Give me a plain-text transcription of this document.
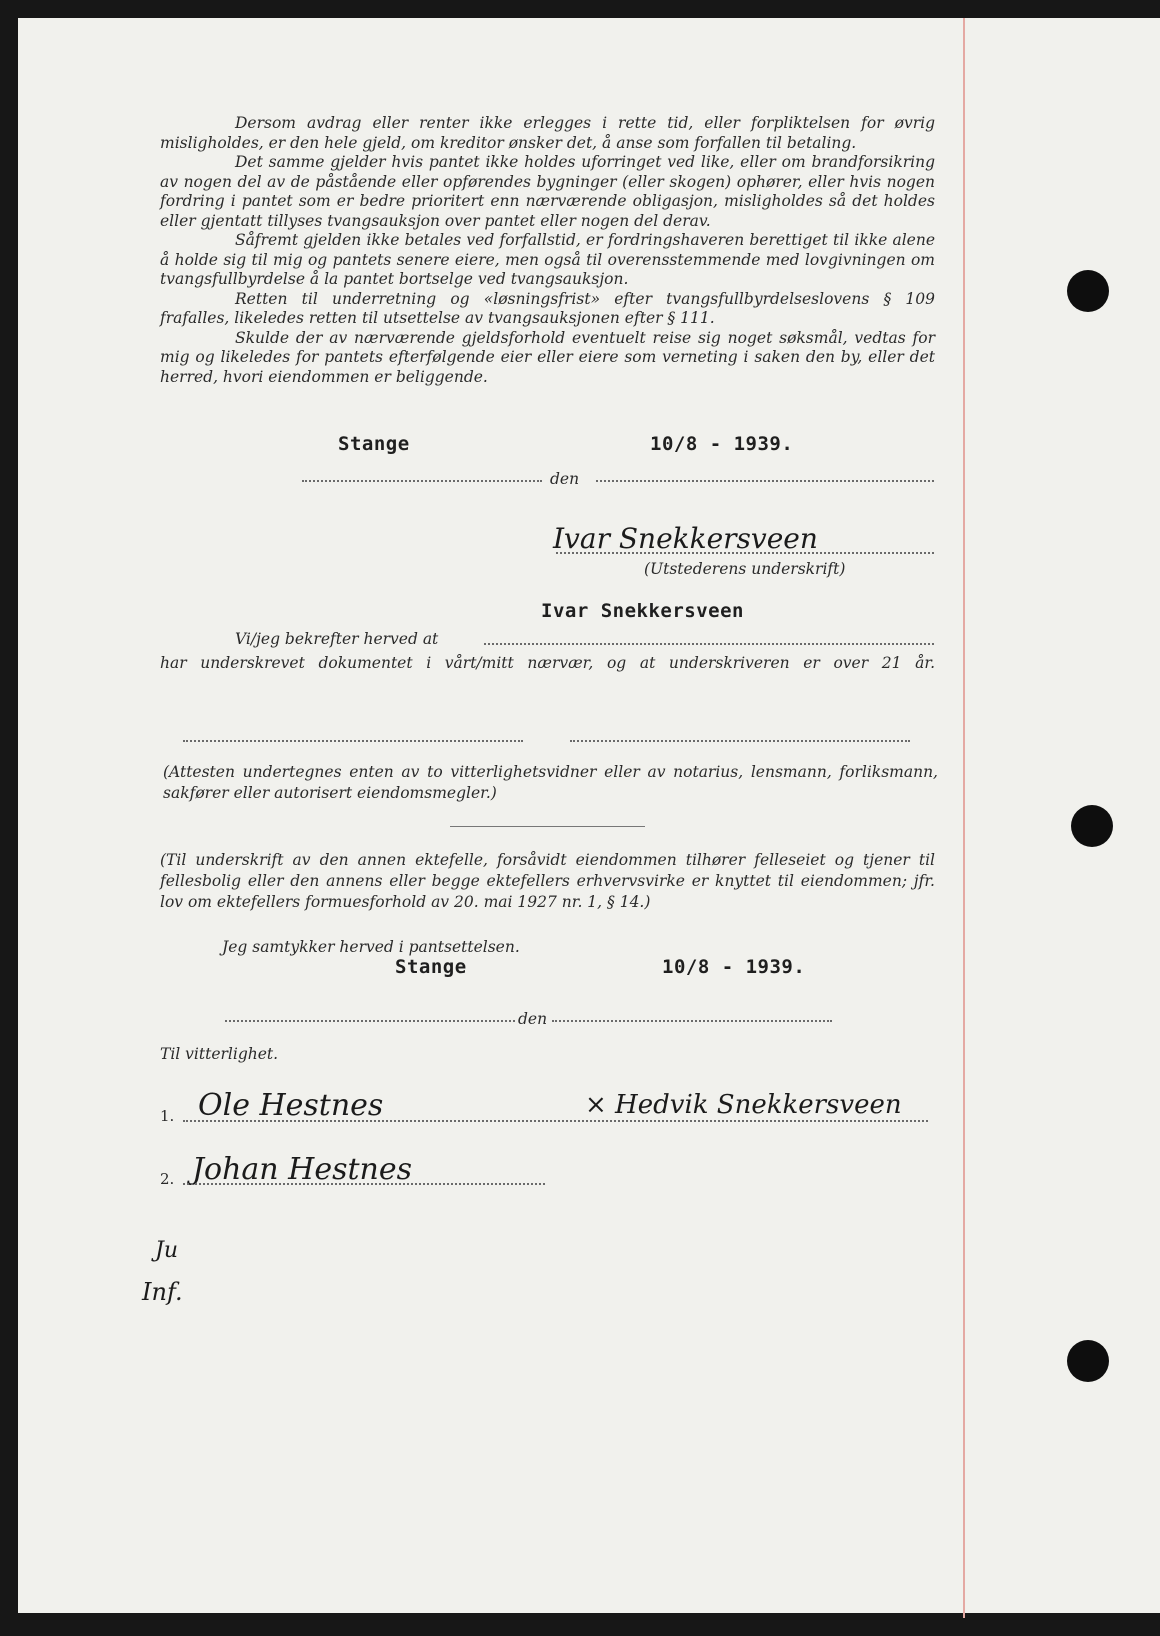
Dersom avdrag eller renter ikke erlegges i rette tid, eller forpliktelsen for øvrig misligholdes, er den hele gjeld, om kreditor ønsker det, å anse som forfallen til betaling.

Det samme gjelder hvis pantet ikke holdes uforringet ved like, eller om brandforsikring av nogen del av de påstående eller opførendes bygninger (eller skogen) ophører, eller hvis nogen fordring i pantet som er bedre prioritert enn nærværende obligasjon, misligholdes så det holdes eller gjentatt tillyses tvangsauksjon over pantet eller nogen del derav.

Såfremt gjelden ikke betales ved forfallstid, er fordringshaveren berettiget til ikke alene å holde sig til mig og pantets senere eiere, men også til overensstemmende med lovgivningen om tvangsfullbyrdelse å la pantet bortselge ved tvangsauksjon.

Retten til underretning og «løsningsfrist» efter tvangsfullbyrdelseslovens § 109 frafalles, likeledes retten til utsettelse av tvangsauksjonen efter § 111.

Skulde der av nærværende gjeldsforhold eventuelt reise sig noget søksmål, vedtas for mig og likeledes for pantets efterfølgende eier eller eiere som verneting i saken den by, eller det herred, hvori eiendommen er beliggende.

Stange	10/8 - 1939.
den
Ivar Snekkersveen
(Utstederens underskrift)
Ivar Snekkersveen
Vi/jeg bekrefter herved at
har underskrevet dokumentet i vårt/mitt nærvær, og at underskriveren er over 21 år.
(Attesten undertegnes enten av to vitterlighetsvidner eller av notarius, lensmann, forliksmann, sakfører eller autorisert eiendomsmegler.)
(Til underskrift av den annen ektefelle, forsåvidt eiendommen tilhører felleseiet og tjener til fellesbolig eller den annens eller begge ektefellers erhvervsvirke er knyttet til eiendommen; jfr. lov om ektefellers formuesforhold av 20. mai 1927 nr. 1, § 14.)
Jeg samtykker herved i pantsettelsen.
Stange	10/8 - 1939.
den
Til vitterlighet.
1. Ole Hestnes	× Hedvik Snekkersveen
2. Johan Hestnes
Ju
Inf.
